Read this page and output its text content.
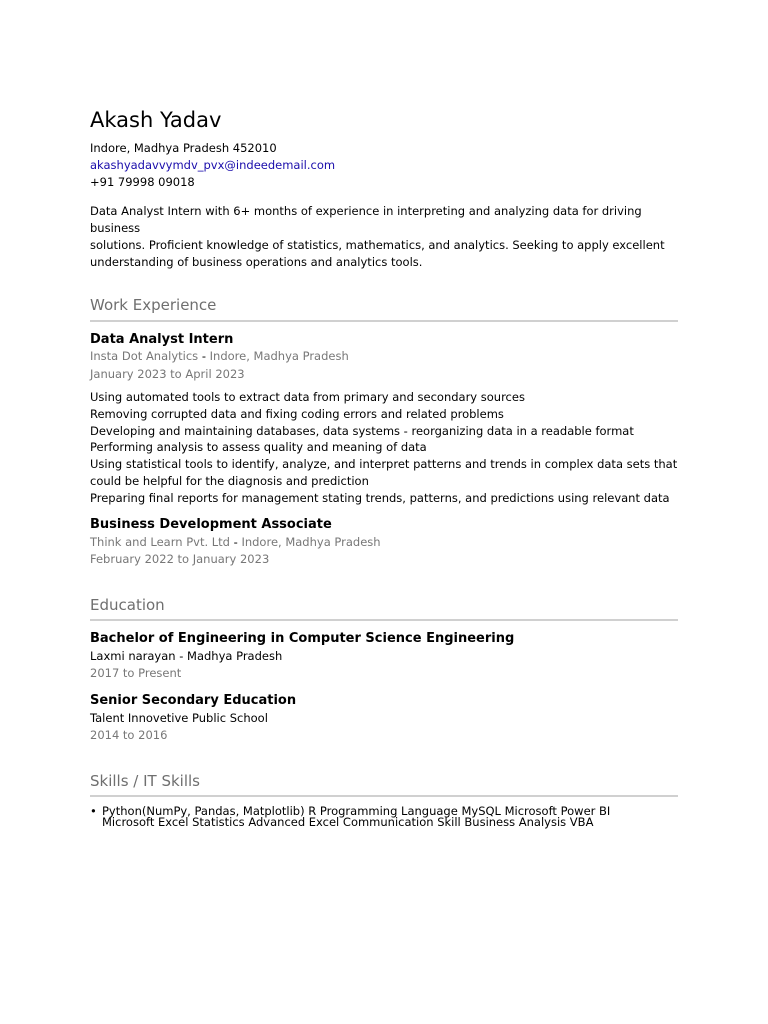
Akash Yadav
Indore, Madhya Pradesh 452010
akashyadavvymdv_pvx@indeedemail.com
+91 79998 09018

Data Analyst Intern with 6+ months of experience in interpreting and analyzing data for driving business

solutions. Proficient knowledge of statistics, mathematics, and analytics. Seeking to apply excellent understanding of business operations and analytics tools.

Work Experience
Data Analyst Intern
Insta Dot Analytics - Indore, Madhya Pradesh
January 2023 to April 2023
Using automated tools to extract data from primary and secondary sources
Removing corrupted data and fixing coding errors and related problems
Developing and maintaining databases, data systems - reorganizing data in a readable format
Performing analysis to assess quality and meaning of data
Using statistical tools to identify, analyze, and interpret patterns and trends in complex data sets that could be helpful for the diagnosis and prediction
Preparing final reports for management stating trends, patterns, and predictions using relevant data
Business Development Associate
Think and Learn Pvt. Ltd - Indore, Madhya Pradesh
February 2022 to January 2023
Education
Bachelor of Engineering in Computer Science Engineering
Laxmi narayan - Madhya Pradesh
2017 to Present
Senior Secondary Education
Talent Innovetive Public School
2014 to 2016
Skills / IT Skills
• Python(NumPy, Pandas, Matplotlib) R Programming Language MySQL Microsoft Power BI
Microsoft Excel Statistics Advanced Excel Communication Skill Business Analysis VBA
